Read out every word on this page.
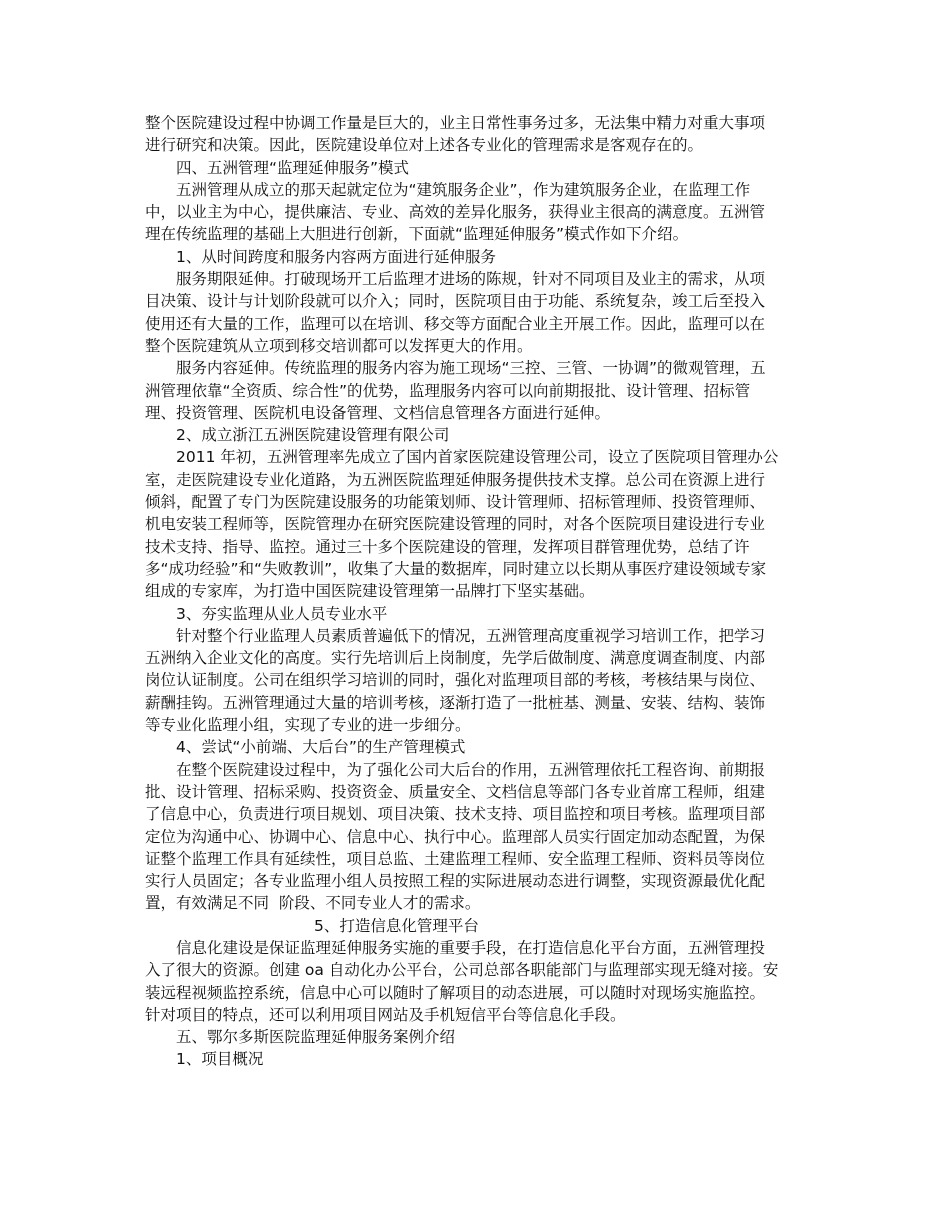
整个医院建设过程中协调工作量是巨大的，业主日常性事务过多，无法集中精力对重大事项
进行研究和决策。因此，医院建设单位对上述各专业化的管理需求是客观存在的。
四、五洲管理“监理延伸服务”模式
五洲管理从成立的那天起就定位为“建筑服务企业”，作为建筑服务企业，在监理工作
中，以业主为中心，提供廉洁、专业、高效的差异化服务，获得业主很高的满意度。五洲管
理在传统监理的基础上大胆进行创新，下面就“监理延伸服务”模式作如下介绍。
1、从时间跨度和服务内容两方面进行延伸服务
服务期限延伸。打破现场开工后监理才进场的陈规，针对不同项目及业主的需求，从项
目决策、设计与计划阶段就可以介入；同时，医院项目由于功能、系统复杂，竣工后至投入
使用还有大量的工作，监理可以在培训、移交等方面配合业主开展工作。因此，监理可以在
整个医院建筑从立项到移交培训都可以发挥更大的作用。
服务内容延伸。传统监理的服务内容为施工现场“三控、三管、一协调”的微观管理，五
洲管理依靠“全资质、综合性”的优势，监理服务内容可以向前期报批、设计管理、招标管
理、投资管理、医院机电设备管理、文档信息管理各方面进行延伸。
2、成立浙江五洲医院建设管理有限公司
2011 年初，五洲管理率先成立了国内首家医院建设管理公司，设立了医院项目管理办公
室，走医院建设专业化道路，为五洲医院监理延伸服务提供技术支撑。总公司在资源上进行
倾斜，配置了专门为医院建设服务的功能策划师、设计管理师、招标管理师、投资管理师、
机电安装工程师等，医院管理办在研究医院建设管理的同时，对各个医院项目建设进行专业
技术支持、指导、监控。通过三十多个医院建设的管理，发挥项目群管理优势，总结了许
多“成功经验”和“失败教训”，收集了大量的数据库，同时建立以长期从事医疗建设领域专家
组成的专家库，为打造中国医院建设管理第一品牌打下坚实基础。
3、夯实监理从业人员专业水平
针对整个行业监理人员素质普遍低下的情况，五洲管理高度重视学习培训工作，把学习
五洲纳入企业文化的高度。实行先培训后上岗制度，先学后做制度、满意度调查制度、内部
岗位认证制度。公司在组织学习培训的同时，强化对监理项目部的考核，考核结果与岗位、
薪酬挂钩。五洲管理通过大量的培训考核，逐渐打造了一批桩基、测量、安装、结构、装饰
等专业化监理小组，实现了专业的进一步细分。
4、尝试“小前端、大后台”的生产管理模式
在整个医院建设过程中，为了强化公司大后台的作用，五洲管理依托工程咨询、前期报
批、设计管理、招标采购、投资资金、质量安全、文档信息等部门各专业首席工程师，组建
了信息中心，负责进行项目规划、项目决策、技术支持、项目监控和项目考核。监理项目部
定位为沟通中心、协调中心、信息中心、执行中心。监理部人员实行固定加动态配置，为保
证整个监理工作具有延续性，项目总监、土建监理工程师、安全监理工程师、资料员等岗位
实行人员固定；各专业监理小组人员按照工程的实际进展动态进行调整，实现资源最优化配
置，有效满足不同  阶段、不同专业人才的需求。
5、打造信息化管理平台
信息化建设是保证监理延伸服务实施的重要手段，在打造信息化平台方面，五洲管理投
入了很大的资源。创建 oa 自动化办公平台，公司总部各职能部门与监理部实现无缝对接。安
装远程视频监控系统，信息中心可以随时了解项目的动态进展，可以随时对现场实施监控。
针对项目的特点，还可以利用项目网站及手机短信平台等信息化手段。
五、鄂尔多斯医院监理延伸服务案例介绍
1、项目概况
